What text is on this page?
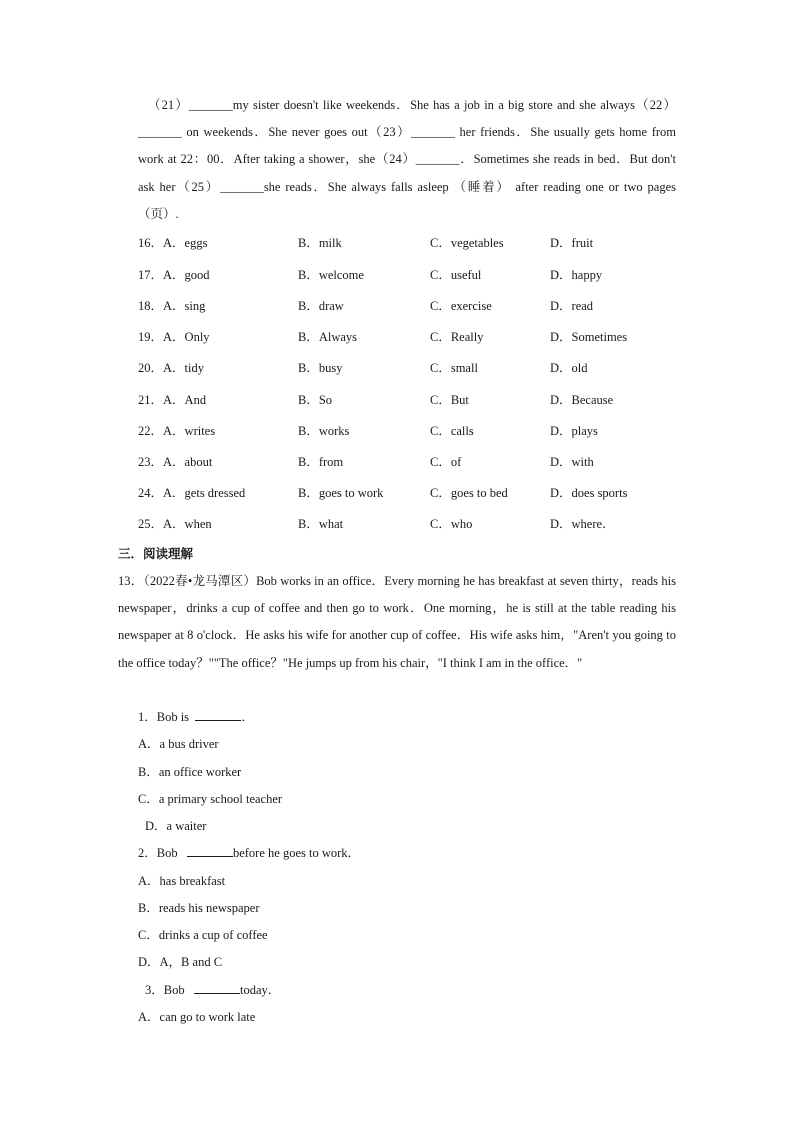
（21）_______my sister doesn't like weekends．She has a job in a big store and she always（22）_______ on weekends．She never goes out（23）_______ her friends．She usually gets home from work at 22：00．After taking a shower，she（24）_______．Sometimes she reads in bed．But don't ask her（25）_______she reads．She always falls asleep （睡着） after reading one or two pages （页）.
16．A．eggs	B．milk	C．vegetables	D．fruit
17．A．good	B．welcome	C．useful	D．happy
18．A．sing	B．draw	C．exercise	D．read
19．A．Only	B．Always	C．Really	D．Sometimes
20．A．tidy	B．busy	C．small	D．old
21．A．And	B．So	C．But	D．Because
22．A．writes	B．works	C．calls	D．plays
23．A．about	B．from	C．of	D．with
24．A．gets dressed	B．goes to work	C．goes to bed	D．does sports
25．A．when	B．what	C．who	D．where．
三．阅读理解
13．（2022春•龙马潭区）Bob works in an office．Every morning he has breakfast at seven thirty，reads his newspaper，drinks a cup of coffee and then go to work．One morning，he is still at the table reading his newspaper at 8 o'clock．He asks his wife for another cup of coffee．His wife asks him，"Aren't you going to the office today？""The office？"He jumps up from his chair，"I think I am in the office．"
1．Bob is	．
A．a bus driver
B．an office worker
C．a primary school teacher
D．a waiter
2．Bob	before he goes to work．
A．has breakfast
B．reads his newspaper
C．drinks a cup of coffee
D．A，B and C
3．Bob	today．
A．can go to work late
